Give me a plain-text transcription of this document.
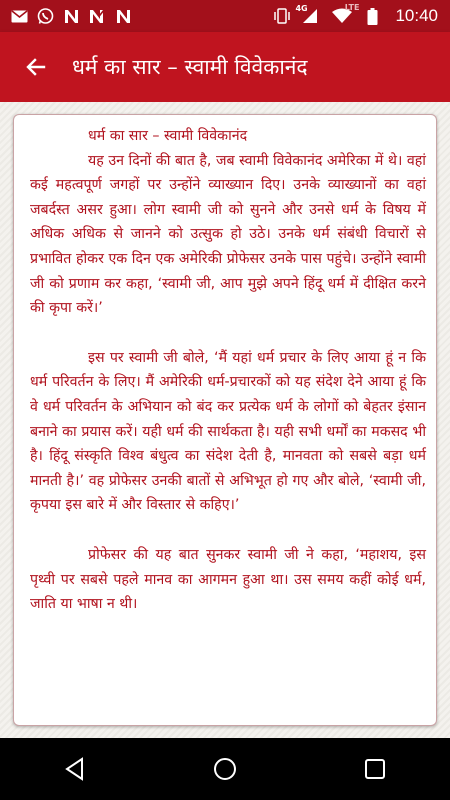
4G	LTE 10:40
धर्म का सार – स्वामी विवेकानंद
धर्म का सार – स्वामी विवेकानंद

यह उन दिनों की बात है, जब स्वामी विवेकानंद अमेरिका में थे। वहां कई महत्वपूर्ण जगहों पर उन्होंने व्याख्यान दिए। उनके व्याख्यानों का वहां जबर्दस्त असर हुआ। लोग स्वामी जी को सुनने और उनसे धर्म के विषय में अधिक अधिक से जानने को उत्सुक हो उठे। उनके धर्म संबंधी विचारों से प्रभावित होकर एक दिन एक अमेरिकी प्रोफेसर उनके पास पहुंचे। उन्होंने स्वामी जी को प्रणाम कर कहा, ‘स्वामी जी, आप मुझे अपने हिंदू धर्म में दीक्षित करने की कृपा करें।’

इस पर स्वामी जी बोले, ‘मैं यहां धर्म प्रचार के लिए आया हूं न कि धर्म परिवर्तन के लिए। मैं अमेरिकी धर्म-प्रचारकों को यह संदेश देने आया हूं कि वे धर्म परिवर्तन के अभियान को बंद कर प्रत्येक धर्म के लोगों को बेहतर इंसान बनाने का प्रयास करें। यही धर्म की सार्थकता है। यही सभी धर्मों का मकसद भी है। हिंदू संस्कृति विश्व बंधुत्व का संदेश देती है, मानवता को सबसे बड़ा धर्म मानती है।’ वह प्रोफेसर उनकी बातों से अभिभूत हो गए और बोले, ‘स्वामी जी, कृपया इस बारे में और विस्तार से कहिए।’

प्रोफेसर की यह बात सुनकर स्वामी जी ने कहा, ‘महाशय, इस पृथ्वी पर सबसे पहले मानव का आगमन हुआ था। उस समय कहीं कोई धर्म, जाति या भाषा न थी।
